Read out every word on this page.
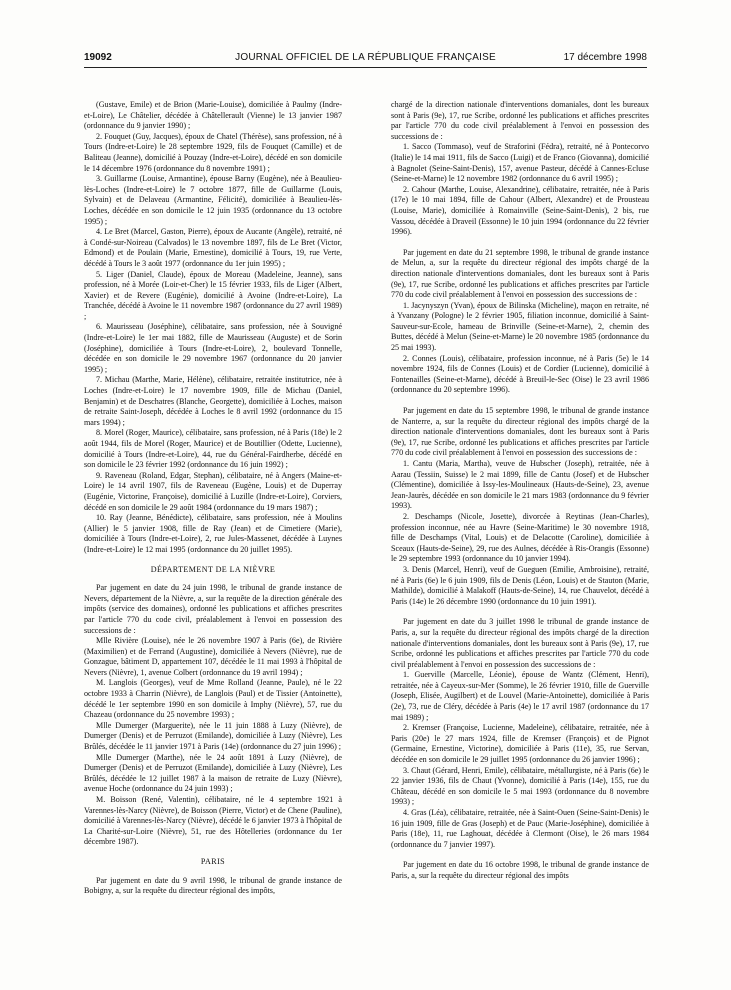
19092	JOURNAL OFFICIEL DE LA RÉPUBLIQUE FRANÇAISE	17 décembre 1998

(Gustave, Emile) et de Brion (Marie-Louise), domiciliée à Paulmy (Indre-et-Loire), Le Châtelier, décédée à Châtellerault (Vienne) le 13 janvier 1987 (ordonnance du 9 janvier 1990) ;

2. Fouquet (Guy, Jacques), époux de Chatel (Thérèse), sans profession, né à Tours (Indre-et-Loire) le 28 septembre 1929, fils de Fouquet (Camille) et de Baliteau (Jeanne), domicilié à Pouzay (Indre-et-Loire), décédé en son domicile le 14 décembre 1976 (ordonnance du 8 novembre 1991) ;

3. Guillarme (Louise, Armantine), épouse Barny (Eugène), née à Beaulieu-lès-Loches (Indre-et-Loire) le 7 octobre 1877, fille de Guillarme (Louis, Sylvain) et de Delaveau (Armantine, Félicité), domiciliée à Beaulieu-lès-Loches, décédée en son domicile le 12 juin 1935 (ordonnance du 13 octobre 1995) ;

4. Le Bret (Marcel, Gaston, Pierre), époux de Aucante (Angèle), retraité, né à Condé-sur-Noireau (Calvados) le 13 novembre 1897, fils de Le Bret (Victor, Edmond) et de Poulain (Marie, Ernestine), domicilié à Tours, 19, rue Verte, décédé à Tours le 3 août 1977 (ordonnance du 1er juin 1995) ;

5. Liger (Daniel, Claude), époux de Moreau (Madeleine, Jeanne), sans profession, né à Morée (Loir-et-Cher) le 15 février 1933, fils de Liger (Albert, Xavier) et de Revere (Eugénie), domicilié à Avoine (Indre-et-Loire), La Tranchée, décédé à Avoine le 11 novembre 1987 (ordonnance du 27 avril 1989) ;

6. Maurisseau (Joséphine), célibataire, sans profession, née à Souvigné (Indre-et-Loire) le 1er mai 1882, fille de Maurisseau (Auguste) et de Sorin (Joséphine), domiciliée à Tours (Indre-et-Loire), 2, boulevard Tonnelle, décédée en son domicile le 29 novembre 1967 (ordonnance du 20 janvier 1995) ;

7. Michau (Marthe, Marie, Hélène), célibataire, retraitée institutrice, née à Loches (Indre-et-Loire) le 17 novembre 1909, fille de Michau (Daniel, Benjamin) et de Deschatres (Blanche, Georgette), domiciliée à Loches, maison de retraite Saint-Joseph, décédée à Loches le 8 avril 1992 (ordonnance du 15 mars 1994) ;

8. Morel (Roger, Maurice), célibataire, sans profession, né à Paris (18e) le 2 août 1944, fils de Morel (Roger, Maurice) et de Boutillier (Odette, Lucienne), domicilié à Tours (Indre-et-Loire), 44, rue du Général-Fairdherbe, décédé en son domicile le 23 février 1992 (ordonnance du 16 juin 1992) ;

9. Raveneau (Roland, Edgar, Stephan), célibataire, né à Angers (Maine-et-Loire) le 14 avril 1907, fils de Raveneau (Eugène, Louis) et de Duperray (Eugénie, Victorine, Françoise), domicilié à Luzille (Indre-et-Loire), Corviers, décédé en son domicile le 29 août 1984 (ordonnance du 19 mars 1987) ;

10. Ray (Jeanne, Bénédicte), célibataire, sans profession, née à Moulins (Allier) le 5 janvier 1908, fille de Ray (Jean) et de Cimetiere (Marie), domiciliée à Tours (Indre-et-Loire), 2, rue Jules-Massenet, décédée à Luynes (Indre-et-Loire) le 12 mai 1995 (ordonnance du 20 juillet 1995).

DÉPARTEMENT DE LA NIÈVRE

Par jugement en date du 24 juin 1998, le tribunal de grande instance de Nevers, département de la Nièvre, a, sur la requête de la direction générale des impôts (service des domaines), ordonné les publications et affiches prescrites par l'article 770 du code civil, préalablement à l'envoi en possession des successions de :

Mlle Rivière (Louise), née le 26 novembre 1907 à Paris (6e), de Rivière (Maximilien) et de Ferrand (Augustine), domiciliée à Nevers (Nièvre), rue de Gonzague, bâtiment D, appartement 107, décédée le 11 mai 1993 à l'hôpital de Nevers (Nièvre), 1, avenue Colbert (ordonnance du 19 avril 1994) ;

M. Langlois (Georges), veuf de Mme Rolland (Jeanne, Paule), né le 22 octobre 1933 à Charrin (Nièvre), de Langlois (Paul) et de Tissier (Antoinette), décédé le 1er septembre 1990 en son domicile à Imphy (Nièvre), 57, rue du Chazeau (ordonnance du 25 novembre 1993) ;

Mlle Dumerger (Marguerite), née le 11 juin 1888 à Luzy (Nièvre), de Dumerger (Denis) et de Perruzot (Emilande), domiciliée à Luzy (Nièvre), Les Brûlés, décédée le 11 janvier 1971 à Paris (14e) (ordonnance du 27 juin 1996) ;

Mlle Dumerger (Marthe), née le 24 août 1891 à Luzy (Nièvre), de Dumerger (Denis) et de Perruzot (Emilande), domiciliée à Luzy (Nièvre), Les Brûlés, décédée le 12 juillet 1987 à la maison de retraite de Luzy (Nièvre), avenue Hoche (ordonnance du 24 juin 1993) ;

M. Boisson (René, Valentin), célibataire, né le 4 septembre 1921 à Varennes-lès-Narcy (Nièvre), de Boisson (Pierre, Victor) et de Chene (Pauline), domicilié à Varennes-lès-Narcy (Nièvre), décédé le 6 janvier 1973 à l'hôpital de La Charité-sur-Loire (Nièvre), 51, rue des Hôtelleries (ordonnance du 1er décembre 1987).

PARIS

Par jugement en date du 9 avril 1998, le tribunal de grande instance de Bobigny, a, sur la requête du directeur régional des impôts,

chargé de la direction nationale d'interventions domaniales, dont les bureaux sont à Paris (9e), 17, rue Scribe, ordonné les publications et affiches prescrites par l'article 770 du code civil préalablement à l'envoi en possession des successions de :

1. Sacco (Tommaso), veuf de Straforini (Fédra), retraité, né à Pontecorvo (Italie) le 14 mai 1911, fils de Sacco (Luigi) et de Franco (Giovanna), domicilié à Bagnolet (Seine-Saint-Denis), 157, avenue Pasteur, décédé à Cannes-Ecluse (Seine-et-Marne) le 12 novembre 1982 (ordonnance du 6 avril 1995) ;

2. Cahour (Marthe, Louise, Alexandrine), célibataire, retraitée, née à Paris (17e) le 10 mai 1894, fille de Cahour (Albert, Alexandre) et de Prousteau (Louise, Marie), domiciliée à Romainville (Seine-Saint-Denis), 2 bis, rue Vassou, décédée à Draveil (Essonne) le 10 juin 1994 (ordonnance du 22 février 1996).

Par jugement en date du 21 septembre 1998, le tribunal de grande instance de Melun, a, sur la requête du directeur régional des impôts chargé de la direction nationale d'interventions domaniales, dont les bureaux sont à Paris (9e), 17, rue Scribe, ordonné les publications et affiches prescrites par l'article 770 du code civil préalablement à l'envoi en possession des successions de :

1. Jacynyszyn (Yvan), époux de Bilinska (Micheline), maçon en retraite, né à Yvanzany (Pologne) le 2 février 1905, filiation inconnue, domicilié à Saint-Sauveur-sur-Ecole, hameau de Brinville (Seine-et-Marne), 2, chemin des Buttes, décédé à Melun (Seine-et-Marne) le 20 novembre 1985 (ordonnance du 25 mai 1993).

2. Connes (Louis), célibataire, profession inconnue, né à Paris (5e) le 14 novembre 1924, fils de Connes (Louis) et de Cordier (Lucienne), domicilié à Fontenailles (Seine-et-Marne), décédé à Breuil-le-Sec (Oise) le 23 avril 1986 (ordonnance du 20 septembre 1996).

Par jugement en date du 15 septembre 1998, le tribunal de grande instance de Nanterre, a, sur la requête du directeur régional des impôts chargé de la direction nationale d'interventions domaniales, dont les bureaux sont à Paris (9e), 17, rue Scribe, ordonné les publications et affiches prescrites par l'article 770 du code civil préalablement à l'envoi en possession des successions de :

1. Cantu (Maria, Martha), veuve de Hubscher (Joseph), retraitée, née à Aarau (Tessiin, Suisse) le 2 mai 1899, fille de Cantu (Josef) et de Hubscher (Clémentine), domiciliée à Issy-les-Moulineaux (Hauts-de-Seine), 23, avenue Jean-Jaurès, décédée en son domicile le 21 mars 1983 (ordonnance du 9 février 1993).

2. Deschamps (Nicole, Josette), divorcée à Reytinas (Jean-Charles), profession inconnue, née au Havre (Seine-Maritime) le 30 novembre 1918, fille de Deschamps (Vital, Louis) et de Delacotte (Caroline), domiciliée à Sceaux (Hauts-de-Seine), 29, rue des Aulnes, décédée à Ris-Orangis (Essonne) le 29 septembre 1993 (ordonnance du 10 janvier 1994).

3. Denis (Marcel, Henri), veuf de Gueguen (Emilie, Ambroisine), retraité, né à Paris (6e) le 6 juin 1909, fils de Denis (Léon, Louis) et de Stauton (Marie, Mathilde), domicilié à Malakoff (Hauts-de-Seine), 14, rue Chauvelot, décédé à Paris (14e) le 26 décembre 1990 (ordonnance du 10 juin 1991).

Par jugement en date du 3 juillet 1998 le tribunal de grande instance de Paris, a, sur la requête du directeur régional des impôts chargé de la direction nationale d'interventions domaniales, dont les bureaux sont à Paris (9e), 17, rue Scribe, ordonné les publications et affiches prescrites par l'article 770 du code civil préalablement à l'envoi en possession des successions de :

1. Guerville (Marcelle, Léonie), épouse de Wantz (Clément, Henri), retraitée, née à Cayeux-sur-Mer (Somme), le 26 février 1910, fille de Guerville (Joseph, Elisée, Augilbert) et de Louvel (Marie-Antoinette), domiciliée à Paris (2e), 73, rue de Cléry, décédée à Paris (4e) le 17 avril 1987 (ordonnance du 17 mai 1989) ;

2. Kremser (Françoise, Lucienne, Madeleine), célibataire, retraitée, née à Paris (20e) le 27 mars 1924, fille de Kremser (François) et de Pignot (Germaine, Ernestine, Victorine), domiciliée à Paris (11e), 35, rue Servan, décédée en son domicile le 29 juillet 1995 (ordonnance du 26 janvier 1996) ;

3. Chaut (Gérard, Henri, Emile), célibataire, métallurgiste, né à Paris (6e) le 22 janvier 1936, fils de Chaut (Yvonne), domicilié à Paris (14e), 155, rue du Château, décédé en son domicile le 5 mai 1993 (ordonnance du 8 novembre 1993) ;

4. Gras (Léa), célibataire, retraitée, née à Saint-Ouen (Seine-Saint-Denis) le 16 juin 1909, fille de Gras (Joseph) et de Pauc (Marie-Joséphine), domiciliée à Paris (18e), 11, rue Laghouat, décédée à Clermont (Oise), le 26 mars 1984 (ordonnance du 7 janvier 1997).

Par jugement en date du 16 octobre 1998, le tribunal de grande instance de Paris, a, sur la requête du directeur régional des impôts
